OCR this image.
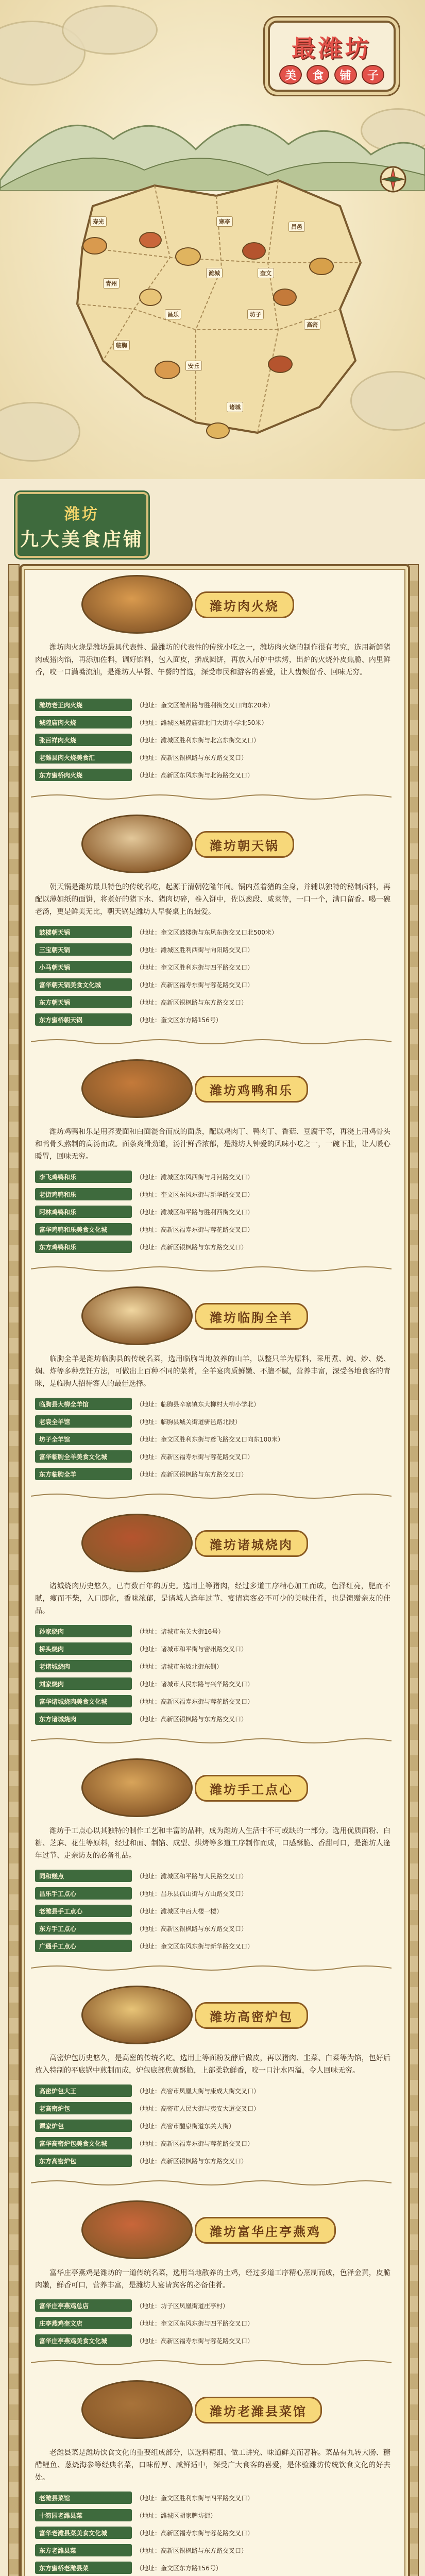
最潍坊
美	食	铺	子
寿光
青州
临朐
昌乐
潍城
寒亭
昌邑
高密
诸城
安丘
坊子
奎文
潍坊
九大美食店铺
潍坊肉火烧
潍坊肉火烧是潍坊最具代表性、最潍坊的代表性的传统小吃之一，潍坊肉火烧的制作很有考究，选用新鲜猪肉或猪肉馅，再添加佐料，调好馅料，包入面皮，擀成圆饼，再放入吊炉中烘烤，出炉的火烧外皮焦脆、内里鲜香，咬一口满嘴流油，是潍坊人早餐、午餐的首选，深受市民和游客的喜爱，让人齿颊留香、回味无穷。
潍坊老王肉火烧	（地址：奎文区潍州路与胜利街交叉口向东20米）
城隍庙肉火烧	（地址：潍城区城隍庙街北门大街小学北50米）
张百祥肉火烧	（地址：潍城区胜利东街与北宫东街交叉口）
老潍县肉火烧美食汇	（地址：高新区银枫路与东方路交叉口）
东方蜜桥肉火烧	（地址：高新区东风东街与北海路交叉口）
潍坊朝天锅
朝天锅是潍坊最具特色的传统名吃，起源于清朝乾隆年间。锅内煮着猪的全身，并辅以独特的秘制卤料，再配以薄如纸的面饼，将煮好的猪下水、猪肉切碎，卷入饼中，佐以葱段、咸菜等，一口一个，满口留香。喝一碗老汤，更是鲜美无比，朝天锅是潍坊人早餐桌上的最爱。
鼓楼朝天锅	（地址：奎文区鼓楼街与东风东街交叉口北500米）
三宝朝天锅	（地址：潍城区胜利西街与向阳路交叉口）
小马朝天锅	（地址：奎文区胜利东街与四平路交叉口）
富华朝天锅美食文化城	（地址：高新区福寿东街与蓉花路交叉口）
东方朝天锅	（地址：高新区银枫路与东方路交叉口）
东方蜜桥朝天锅	（地址：奎文区东方路156号）
潍坊鸡鸭和乐
潍坊鸡鸭和乐是用荞麦面和白面混合而成的面条，配以鸡肉丁、鸭肉丁、香菇、豆腐干等，再浇上用鸡骨头和鸭骨头熬制的高汤而成。面条爽滑劲道，汤汁鲜香浓郁，是潍坊人钟爱的风味小吃之一，一碗下肚，让人暖心暖胃，回味无穷。
李飞鸡鸭和乐	（地址：潍城区东风西街与月河路交叉口）
老街鸡鸭和乐	（地址：奎文区东风东街与新华路交叉口）
阿林鸡鸭和乐	（地址：潍城区和平路与胜利西街交叉口）
富华鸡鸭和乐美食文化城	（地址：高新区福寿东街与蓉花路交叉口）
东方鸡鸭和乐	（地址：高新区银枫路与东方路交叉口）
潍坊临朐全羊
临朐全羊是潍坊临朐县的传统名菜，选用临朐当地放养的山羊，以整只羊为原料，采用煮、炖、炒、烧、焖、炸等多种烹饪方法，可做出上百种不同的菜肴，全羊宴肉质鲜嫩、不膻不腻，营养丰富，深受各地食客的青睐，是临朐人招待客人的最佳选择。
临朐县大柳全羊馆	（地址：临朐县辛寨镇东大柳村大柳小学北）
老袁全羊馆	（地址：临朐县城关街道骈邑路北段）
坊子全羊馆	（地址：奎文区胜利东街与鸢飞路交叉口向东100米）
富华临朐全羊美食文化城	（地址：高新区福寿东街与蓉花路交叉口）
东方临朐全羊	（地址：高新区银枫路与东方路交叉口）
潍坊诸城烧肉
诸城烧肉历史悠久，已有数百年的历史。选用上等猪肉，经过多道工序精心加工而成，色泽红亮，肥而不腻，瘦而不柴，入口即化，香味浓郁，是诸城人逢年过节、宴请宾客必不可少的美味佳肴，也是馈赠亲友的佳品。
孙家烧肉	（地址：诸城市东关大街16号）
桥头烧肉	（地址：诸城市和平街与密州路交叉口）
老诸城烧肉	（地址：诸城市东坡北街东侧）
刘家烧肉	（地址：诸城市人民东路与兴华路交叉口）
富华诸城烧肉美食文化城	（地址：高新区福寿东街与蓉花路交叉口）
东方诸城烧肉	（地址：高新区银枫路与东方路交叉口）
潍坊手工点心
潍坊手工点心以其独特的制作工艺和丰富的品种，成为潍坊人生活中不可或缺的一部分。选用优质面粉、白糖、芝麻、花生等原料，经过和面、制馅、成型、烘烤等多道工序制作而成，口感酥脆、香甜可口，是潍坊人逢年过节、走亲访友的必备礼品。
同和糕点	（地址：潍城区和平路与人民路交叉口）
昌乐手工点心	（地址：昌乐县孤山街与方山路交叉口）
老潍县手工点心	（地址：潍城区中百大楼一楼）
东方手工点心	（地址：高新区银枫路与东方路交叉口）
广通手工点心	（地址：奎文区东风东街与新华路交叉口）
潍坊高密炉包
高密炉包历史悠久，是高密的传统名吃。选用上等面粉发酵后做皮，再以猪肉、韭菜、白菜等为馅，包好后放入特制的平底锅中煎制而成，炉包底部焦黄酥脆，上部柔软鲜香，咬一口汁水四溢，令人回味无穷。
高密炉包大王	（地址：高密市凤凰大街与康成大街交叉口）
老高密炉包	（地址：高密市人民大街与夷安大道交叉口）
谭家炉包	（地址：高密市醴泉街道东关大街）
富华高密炉包美食文化城	（地址：高新区福寿东街与蓉花路交叉口）
东方高密炉包	（地址：高新区银枫路与东方路交叉口）
潍坊富华庄亭燕鸡
富华庄亭燕鸡是潍坊的一道传统名菜，选用当地散养的土鸡，经过多道工序精心烹制而成，色泽金黄，皮脆肉嫩，鲜香可口，营养丰富，是潍坊人宴请宾客的必备佳肴。
富华庄亭燕鸡总店	（地址：坊子区凤凰街道庄亭村）
庄亭燕鸡奎文店	（地址：奎文区东风东街与四平路交叉口）
富华庄亭燕鸡美食文化城	（地址：高新区福寿东街与蓉花路交叉口）
潍坊老潍县菜馆
老潍县菜是潍坊饮食文化的重要组成部分，以选料精细、做工讲究、味道鲜美而著称。菜品有九转大肠、糖醋鲤鱼、葱烧海参等经典名菜，口味醇厚、咸鲜适中，深受广大食客的喜爱，是体验潍坊传统饮食文化的好去处。
老潍县菜馆	（地址：奎文区胜利东街与四平路交叉口）
十笏园老潍县菜	（地址：潍城区胡家牌坊街）
富华老潍县菜美食文化城	（地址：高新区福寿东街与蓉花路交叉口）
东方老潍县菜	（地址：高新区银枫路与东方路交叉口）
东方蜜桥老潍县菜	（地址：奎文区东方路156号）
